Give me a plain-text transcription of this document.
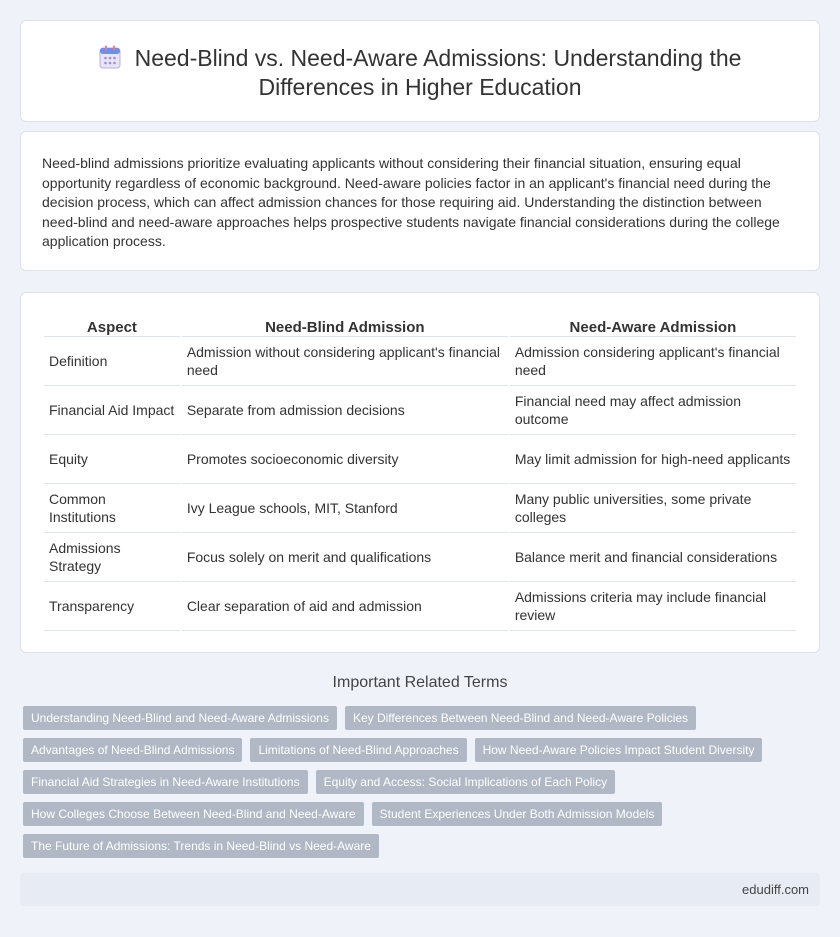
Need-Blind vs. Need-Aware Admissions: Understanding the
Differences in Higher Education

Need-blind admissions prioritize evaluating applicants without considering their financial situation, ensuring equal opportunity regardless of economic background. Need-aware policies factor in an applicant's financial need during the decision process, which can affect admission chances for those requiring aid. Understanding the distinction between need-blind and need-aware approaches helps prospective students navigate financial considerations during the college application process.

Aspect	Need-Blind Admission	Need-Aware Admission
Definition	Admission without considering applicant's financial need	Admission considering applicant's financial need
Financial Aid Impact	Separate from admission decisions	Financial need may affect admission outcome
Equity	Promotes socioeconomic diversity	May limit admission for high-need applicants
Common Institutions	Ivy League schools, MIT, Stanford	Many public universities, some private colleges
Admissions Strategy	Focus solely on merit and qualifications	Balance merit and financial considerations
Transparency	Clear separation of aid and admission	Admissions criteria may include financial review
Important Related Terms
Understanding Need-Blind and Need-Aware Admissions	Key Differences Between Need-Blind and Need-Aware Policies
Advantages of Need-Blind Admissions	Limitations of Need-Blind Approaches	How Need-Aware Policies Impact Student Diversity
Financial Aid Strategies in Need-Aware Institutions	Equity and Access: Social Implications of Each Policy
How Colleges Choose Between Need-Blind and Need-Aware	Student Experiences Under Both Admission Models
The Future of Admissions: Trends in Need-Blind vs Need-Aware
edudiff.com
